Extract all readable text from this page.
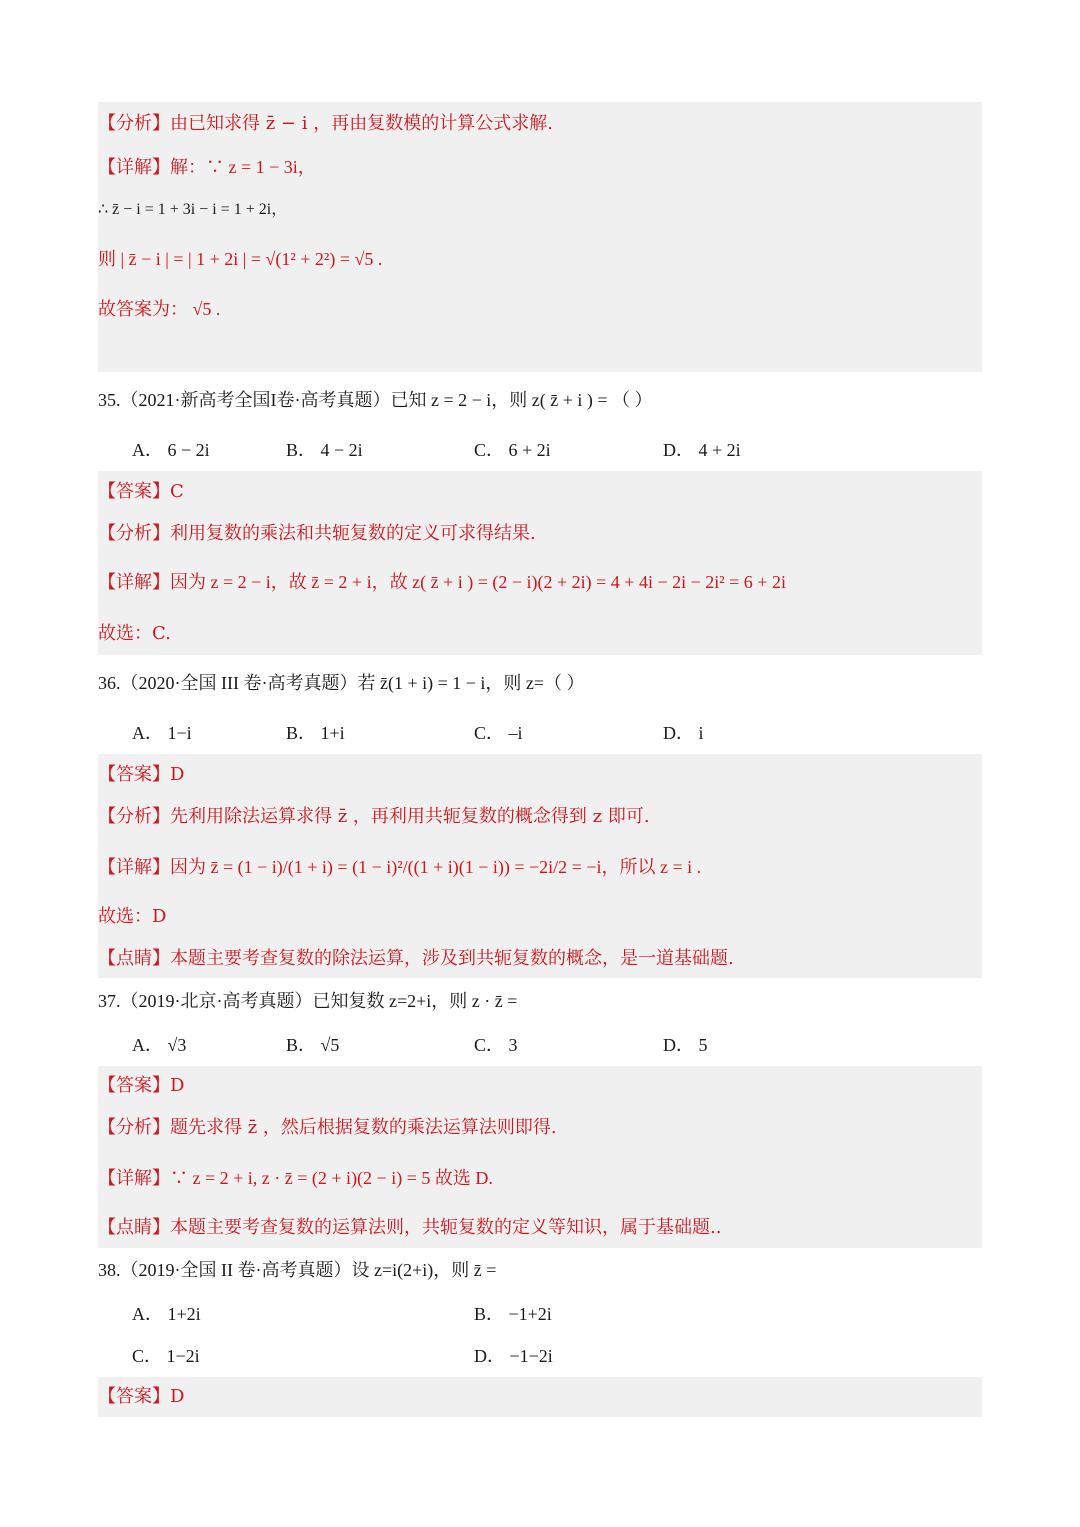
【分析】由已知求得 z̄ − i ，再由复数模的计算公式求解.
【详解】解：∵ z = 1 − 3i，
∴ z̄ − i = 1 + 3i − i = 1 + 2i，
则 | z̄ − i | = | 1 + 2i | = √(1² + 2²) = √5 .
故答案为： √5 .
35.（2021·新高考全国I卷·高考真题）已知 z = 2 − i，则 z( z̄ + i ) = （ ）
A． 6 − 2i	B． 4 − 2i	C． 6 + 2i	D． 4 + 2i
【答案】C
【分析】利用复数的乘法和共轭复数的定义可求得结果.
【详解】因为 z = 2 − i，故 z̄ = 2 + i，故 z( z̄ + i ) = (2 − i)(2 + 2i) = 4 + 4i − 2i − 2i² = 6 + 2i
故选：C.
36.（2020·全国 III 卷·高考真题）若 z̄(1 + i) = 1 − i，则 z=（ ）
A． 1−i	B． 1+i	C． –i	D． i
【答案】D
【分析】先利用除法运算求得 z̄ ，再利用共轭复数的概念得到 z 即可.
【详解】因为 z̄ = (1 − i)/(1 + i) = (1 − i)²/((1 + i)(1 − i)) = −2i/2 = −i，所以 z = i .
故选：D
【点睛】本题主要考查复数的除法运算，涉及到共轭复数的概念，是一道基础题.
37.（2019·北京·高考真题）已知复数 z=2+i，则 z · z̄ =
A． √3	B． √5	C． 3	D． 5
【答案】D
【分析】题先求得 z̄ ，然后根据复数的乘法运算法则即得.
【详解】∵ z = 2 + i, z · z̄ = (2 + i)(2 − i) = 5 故选 D.
【点睛】本题主要考查复数的运算法则，共轭复数的定义等知识，属于基础题..
38.（2019·全国 II 卷·高考真题）设 z=i(2+i)，则 z̄ =
A． 1+2i	B． −1+2i
C． 1−2i	D． −1−2i
【答案】D
